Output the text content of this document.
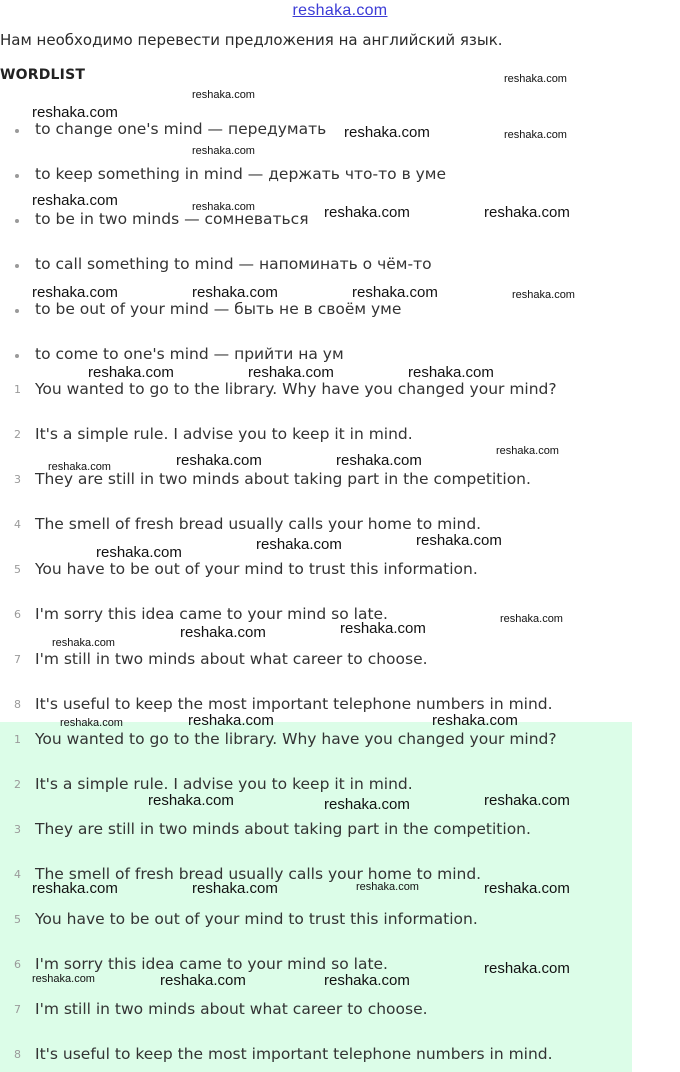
reshaka.com
Нам необходимо перевести предложения на английский язык.
WORDLIST
to change one's mind — передумать
to keep something in mind — держать что-то в уме
to be in two minds — сомневаться
to call something to mind — напоминать о чём-то
to be out of your mind — быть не в своём уме
to come to one's mind — прийти на ум
1 You wanted to go to the library. Why have you changed your mind?
2 It's a simple rule. I advise you to keep it in mind.
3 They are still in two minds about taking part in the competition.
4 The smell of fresh bread usually calls your home to mind.
5 You have to be out of your mind to trust this information.
6 I'm sorry this idea came to your mind so late.
7 I'm still in two minds about what career to choose.
8 It's useful to keep the most important telephone numbers in mind.
1 You wanted to go to the library. Why have you changed your mind?
2 It's a simple rule. I advise you to keep it in mind.
3 They are still in two minds about taking part in the competition.
4 The smell of fresh bread usually calls your home to mind.
5 You have to be out of your mind to trust this information.
6 I'm sorry this idea came to your mind so late.
7 I'm still in two minds about what career to choose.
8 It's useful to keep the most important telephone numbers in mind.
reshaka.com
reshaka.com
reshaka.com
reshaka.com	reshaka.com
reshaka.com
reshaka.com	reshaka.com	reshaka.com	reshaka.com
reshaka.com	reshaka.com	reshaka.com	reshaka.com
reshaka.com	reshaka.com	reshaka.com
reshaka.com
reshaka.com	reshaka.com
reshaka.com
reshaka.com
reshaka.com
reshaka.com
reshaka.com
reshaka.com
reshaka.com
reshaka.com
reshaka.com	reshaka.com
reshaka.com
reshaka.com	reshaka.com
reshaka.com
reshaka.com
reshaka.com	reshaka.com	reshaka.com
reshaka.com
reshaka.com	reshaka.com	reshaka.com
